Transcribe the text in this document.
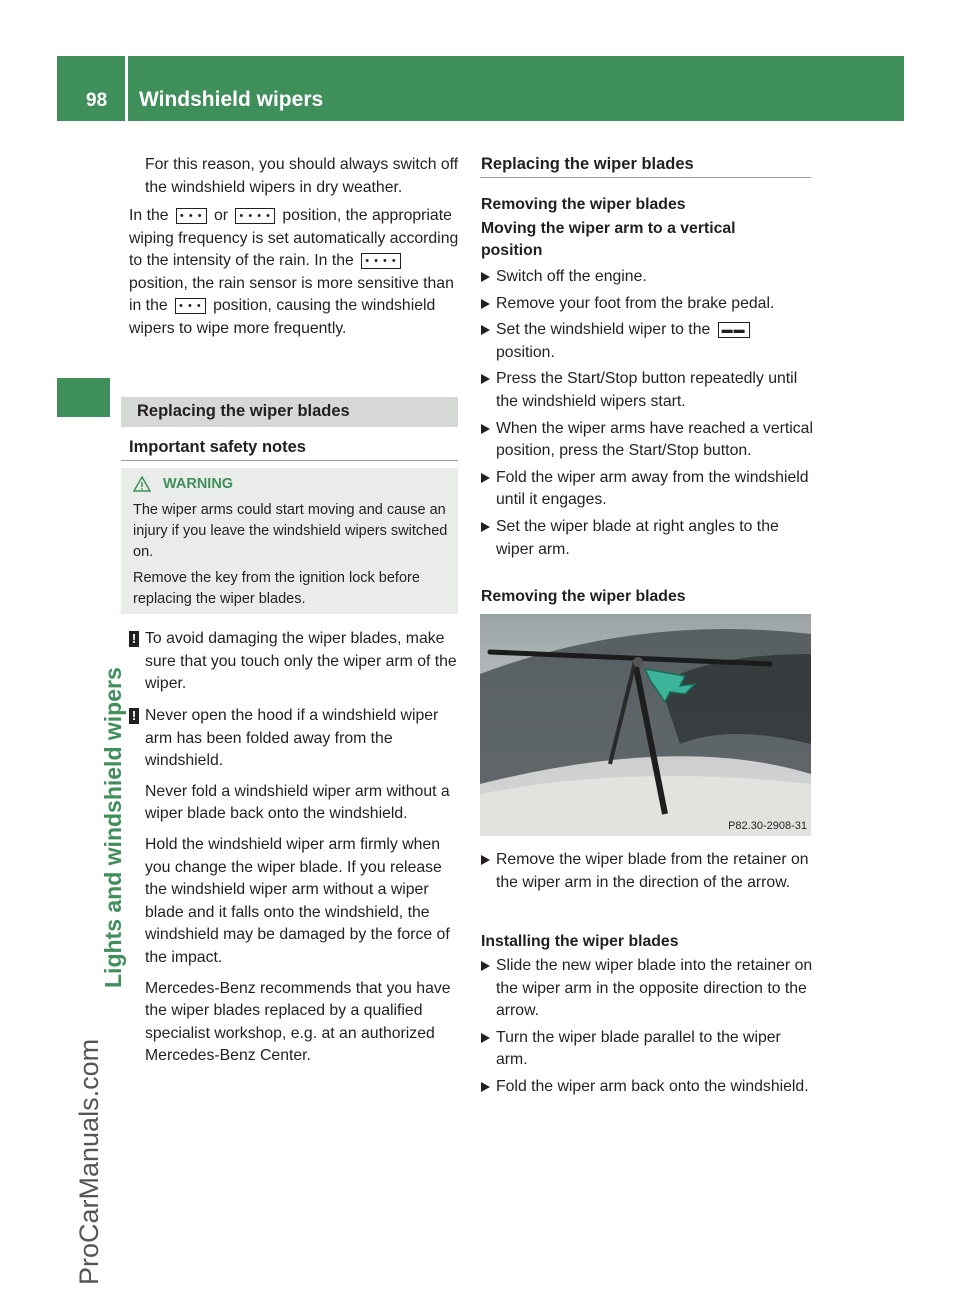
98 Windshield wipers
Lights and windshield wipers
ProCarManuals.com
For this reason, you should always switch off the windshield wipers in dry weather.
In the • • • or • • • • position, the appropriate wiping frequency is set automatically according to the intensity of the rain. In the • • • • position, the rain sensor is more sensitive than in the • • • position, causing the windshield wipers to wipe more frequently.
Replacing the wiper blades
Important safety notes
WARNING
The wiper arms could start moving and cause an injury if you leave the windshield wipers switched on.
Remove the key from the ignition lock before replacing the wiper blades.
! To avoid damaging the wiper blades, make sure that you touch only the wiper arm of the wiper.
! Never open the hood if a windshield wiper arm has been folded away from the windshield.
Never fold a windshield wiper arm without a wiper blade back onto the windshield.
Hold the windshield wiper arm firmly when you change the wiper blade. If you release the windshield wiper arm without a wiper blade and it falls onto the windshield, the windshield may be damaged by the force of the impact.
Mercedes-Benz recommends that you have the wiper blades replaced by a qualified specialist workshop, e.g. at an authorized Mercedes-Benz Center.
Replacing the wiper blades
Removing the wiper blades
Moving the wiper arm to a vertical position
Switch off the engine.
Remove your foot from the brake pedal.
Set the windshield wiper to the ▬▬
position.
Press the Start/Stop button repeatedly until the windshield wipers start.
When the wiper arms have reached a vertical position, press the Start/Stop button.
Fold the wiper arm away from the windshield until it engages.
Set the wiper blade at right angles to the wiper arm.
Removing the wiper blades
P82.30-2908-31
Remove the wiper blade from the retainer on the wiper arm in the direction of the arrow.
Installing the wiper blades
Slide the new wiper blade into the retainer on the wiper arm in the opposite direction to the arrow.
Turn the wiper blade parallel to the wiper arm.
Fold the wiper arm back onto the windshield.
